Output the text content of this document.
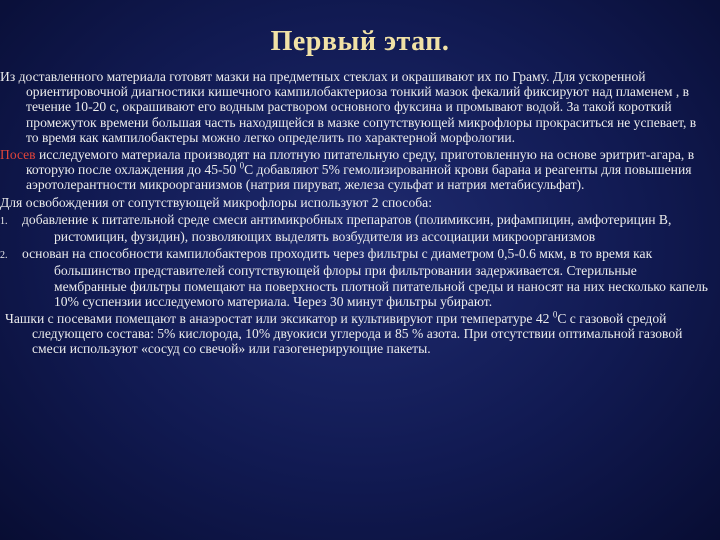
Первый этап.

Из доставленного материала готовят мазки на предметных стеклах и окрашивают их по Граму. Для ускоренной ориентировочной диагностики кишечного кампилобактериоза тонкий мазок фекалий фиксируют над пламенем , в течение 10-20 с, окрашивают его водным раствором основного фуксина и промывают водой. За такой короткий промежуток времени большая часть находящейся в мазке сопутствующей микрофлоры прокраситься не успевает, в то время как кампилобактеры можно легко определить по характерной морфологии.

Посев исследуемого материала производят на плотную питательную среду, приготовленную на основе эритрит-агара, в которую после охлаждения до 45-50 $^0$С добавляют 5% гемолизированной крови барана и реагенты для повышения аэротолерантности микроорганизмов (натрия пируват, железа сульфат и натрия метабисульфат).

Для освобождения от сопутствующей микрофлоры используют 2 способа:

1. добавление к питательной среде смеси антимикробных препаратов (полимиксин, рифампицин, амфотерицин В, ристомицин, фузидин), позволяющих выделять возбудителя из ассоциации микроорганизмов

2. основан на способности кампилобактеров проходить через фильтры с диаметром 0,5-0.6 мкм, в то время как большинство представителей сопутствующей флоры при фильтровании задерживается. Стерильные мембранные фильтры помещают на поверхность плотной питательной среды и наносят на них несколько капель 10% суспензии исследуемого материала. Через 30 минут фильтры убирают.

Чашки с посевами помещают в анаэростат или эксикатор и культивируют при температуре 42 $^0$С с газовой средой следующего состава: 5% кислорода, 10% двуокиси углерода и 85 % азота. При отсутствии оптимальной газовой смеси используют «сосуд со свечой» или газогенерирующие пакеты.
